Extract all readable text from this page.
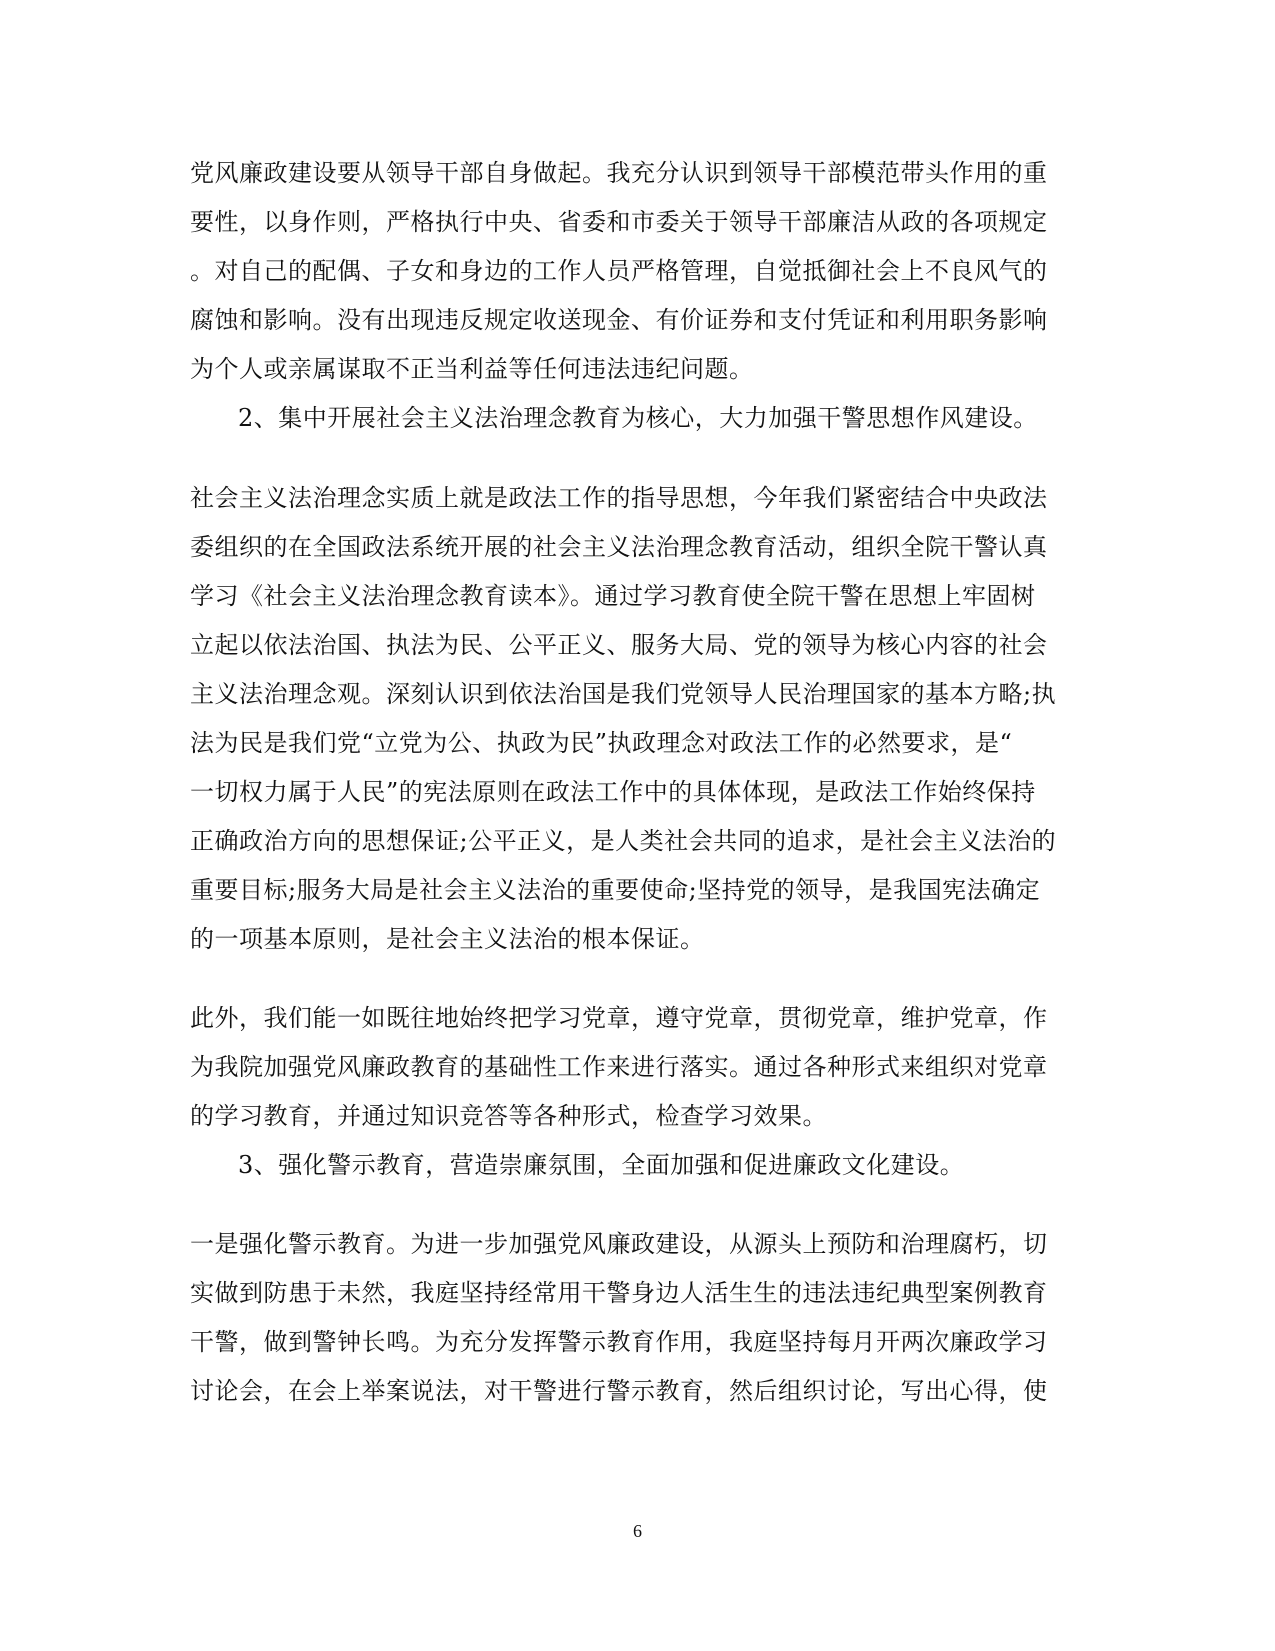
党风廉政建设要从领导干部自身做起。我充分认识到领导干部模范带头作用的重
要性，以身作则，严格执行中央、省委和市委关于领导干部廉洁从政的各项规定
。对自己的配偶、子女和身边的工作人员严格管理，自觉抵御社会上不良风气的
腐蚀和影响。没有出现违反规定收送现金、有价证券和支付凭证和利用职务影响
为个人或亲属谋取不正当利益等任何违法违纪问题。
2、集中开展社会主义法治理念教育为核心，大力加强干警思想作风建设。
社会主义法治理念实质上就是政法工作的指导思想，今年我们紧密结合中央政法
委组织的在全国政法系统开展的社会主义法治理念教育活动，组织全院干警认真
学习《社会主义法治理念教育读本》。通过学习教育使全院干警在思想上牢固树
立起以依法治国、执法为民、公平正义、服务大局、党的领导为核心内容的社会
主义法治理念观。深刻认识到依法治国是我们党领导人民治理国家的基本方略;执
法为民是我们党“立党为公、执政为民”执政理念对政法工作的必然要求，是“
一切权力属于人民”的宪法原则在政法工作中的具体体现，是政法工作始终保持
正确政治方向的思想保证;公平正义，是人类社会共同的追求，是社会主义法治的
重要目标;服务大局是社会主义法治的重要使命;坚持党的领导，是我国宪法确定
的一项基本原则，是社会主义法治的根本保证。
此外，我们能一如既往地始终把学习党章，遵守党章，贯彻党章，维护党章，作
为我院加强党风廉政教育的基础性工作来进行落实。通过各种形式来组织对党章
的学习教育，并通过知识竞答等各种形式，检查学习效果。
3、强化警示教育，营造崇廉氛围，全面加强和促进廉政文化建设。
一是强化警示教育。为进一步加强党风廉政建设，从源头上预防和治理腐朽，切
实做到防患于未然，我庭坚持经常用干警身边人活生生的违法违纪典型案例教育
干警，做到警钟长鸣。为充分发挥警示教育作用，我庭坚持每月开两次廉政学习
讨论会，在会上举案说法，对干警进行警示教育，然后组织讨论，写出心得，使
6
